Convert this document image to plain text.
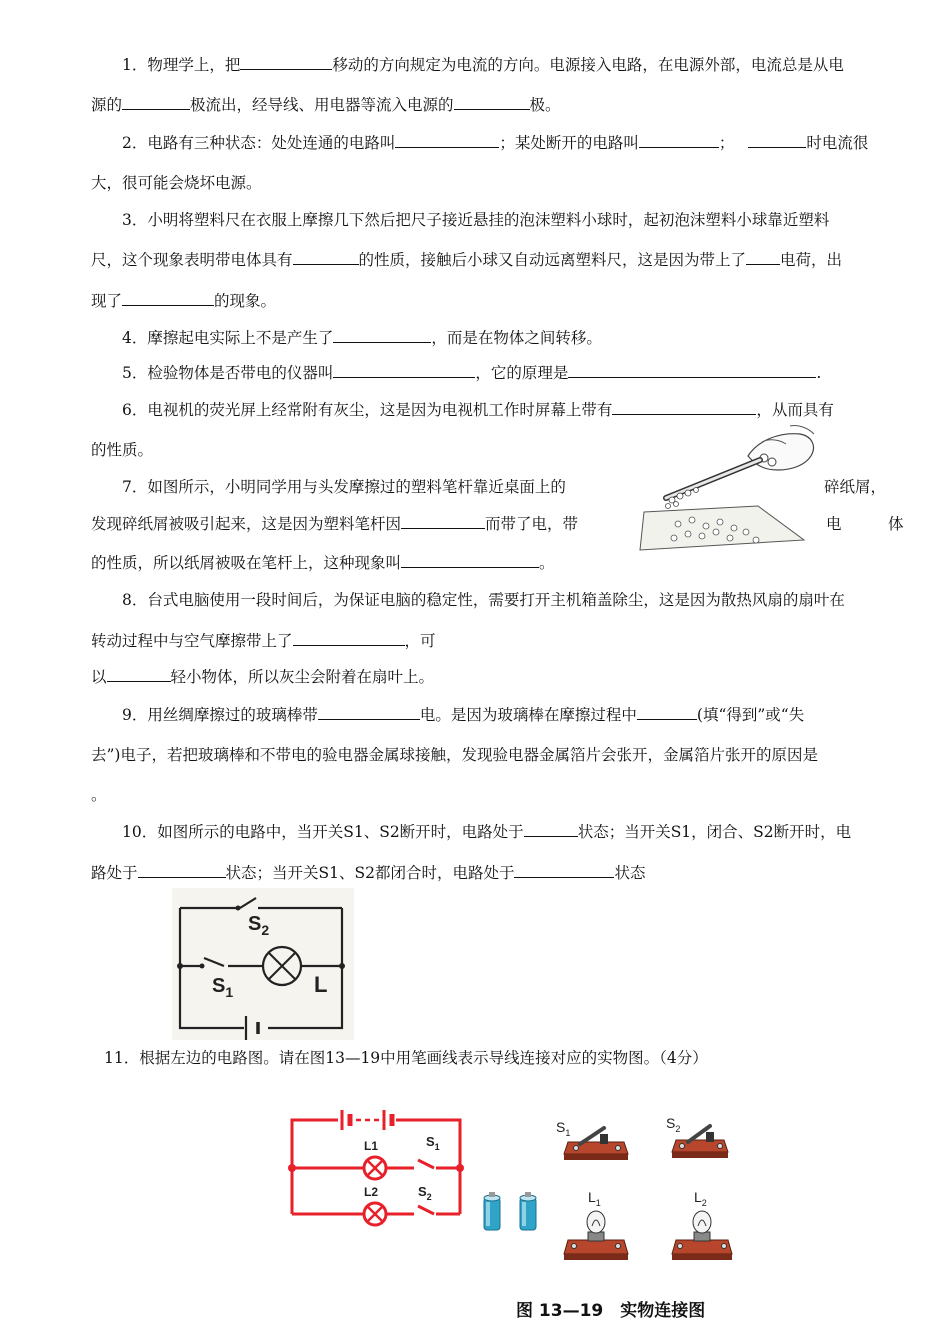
1．物理学上，把	移动的方向规定为电流的方向。电源接入电路，在电源外部，电流总是从电
源的	极流出，经导线、用电器等流入电源的	极。
2．电路有三种状态：处处连通的电路叫	；某处断开的电路叫	；	时电流很
大，很可能会烧坏电源。
3．小明将塑料尺在衣服上摩擦几下然后把尺子接近悬挂的泡沫塑料小球时，起初泡沫塑料小球靠近塑料
尺，这个现象表明带电体具有	的性质，接触后小球又自动远离塑料尺，这是因为带上了 电荷，出
现了	的现象。
4．摩擦起电实际上不是产生了	，而是在物体之间转移。
5．检验物体是否带电的仪器叫	，它的原理是	.
6．电视机的荧光屏上经常附有灰尘，这是因为电视机工作时屏幕上带有	，从而具有
的性质。
7．如图所示，小明同学用与头发摩擦过的塑料笔杆靠近桌面上的	碎纸屑，
发现碎纸屑被吸引起来，这是因为塑料笔杆因	而带了电，带	电	体
的性质，所以纸屑被吸在笔杆上，这种现象叫	。
8．台式电脑使用一段时间后，为保证电脑的稳定性，需要打开主机箱盖除尘，这是因为散热风扇的扇叶在
转动过程中与空气摩擦带上了	，可
以	轻小物体，所以灰尘会附着在扇叶上。
9．用丝绸摩擦过的玻璃棒带	电。是因为玻璃棒在摩擦过程中	(填“得到”或“失
去”)电子，若把玻璃棒和不带电的验电器金属球接触，发现验电器金属箔片会张开，金属箔片张开的原因是
。
10．如图所示的电路中，当开关S1、S2断开时，电路处于	状态；当开关S1，闭合、S2断开时，电
路处于	状态；当开关S1、S2都闭合时，电路处于	状态
$S_2$
$S_1$	L
11．根据左边的电路图。请在图13—19中用笔画线表示导线连接对应的实物图。（4分）
L1
L2
$S_1$
$S_2$
$S_1$
$S_2$
$L_1$	$L_2$
图 13—19　实物连接图
